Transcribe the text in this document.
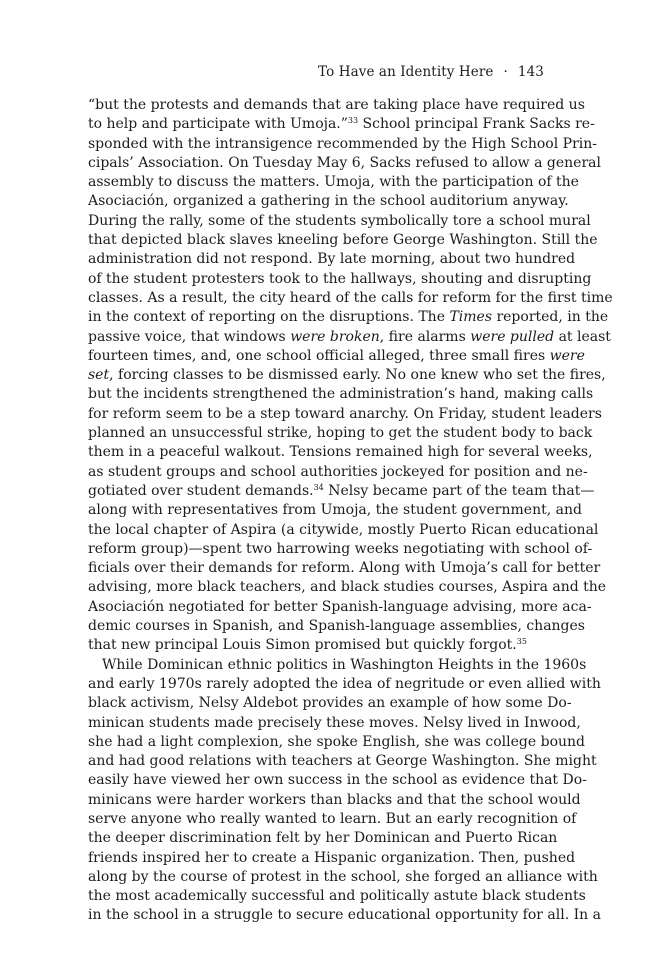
To Have an Identity Here · 143
“but the protests and demands that are taking place have required us
to help and participate with Umoja.”$^{33}$ School principal Frank Sacks re-
sponded with the intransigence recommended by the High School Prin-
cipals’ Association. On Tuesday May 6, Sacks refused to allow a general
assembly to discuss the matters. Umoja, with the participation of the
Asociación, organized a gathering in the school auditorium anyway.
During the rally, some of the students symbolically tore a school mural
that depicted black slaves kneeling before George Washington. Still the
administration did not respond. By late morning, about two hundred
of the student protesters took to the hallways, shouting and disrupting
classes. As a result, the city heard of the calls for reform for the first time
in the context of reporting on the disruptions. The Times reported, in the
passive voice, that windows were broken, fire alarms were pulled at least
fourteen times, and, one school official alleged, three small fires were
set, forcing classes to be dismissed early. No one knew who set the fires,
but the incidents strengthened the administration’s hand, making calls
for reform seem to be a step toward anarchy. On Friday, student leaders
planned an unsuccessful strike, hoping to get the student body to back
them in a peaceful walkout. Tensions remained high for several weeks,
as student groups and school authorities jockeyed for position and ne-
gotiated over student demands.$^{34}$ Nelsy became part of the team that—
along with representatives from Umoja, the student government, and
the local chapter of Aspira (a citywide, mostly Puerto Rican educational
reform group)—spent two harrowing weeks negotiating with school of-
ficials over their demands for reform. Along with Umoja’s call for better
advising, more black teachers, and black studies courses, Aspira and the
Asociación negotiated for better Spanish-language advising, more aca-
demic courses in Spanish, and Spanish-language assemblies, changes
that new principal Louis Simon promised but quickly forgot.$^{35}$
While Dominican ethnic politics in Washington Heights in the 1960s
and early 1970s rarely adopted the idea of negritude or even allied with
black activism, Nelsy Aldebot provides an example of how some Do-
minican students made precisely these moves. Nelsy lived in Inwood,
she had a light complexion, she spoke English, she was college bound
and had good relations with teachers at George Washington. She might
easily have viewed her own success in the school as evidence that Do-
minicans were harder workers than blacks and that the school would
serve anyone who really wanted to learn. But an early recognition of
the deeper discrimination felt by her Dominican and Puerto Rican
friends inspired her to create a Hispanic organization. Then, pushed
along by the course of protest in the school, she forged an alliance with
the most academically successful and politically astute black students
in the school in a struggle to secure educational opportunity for all. In a
